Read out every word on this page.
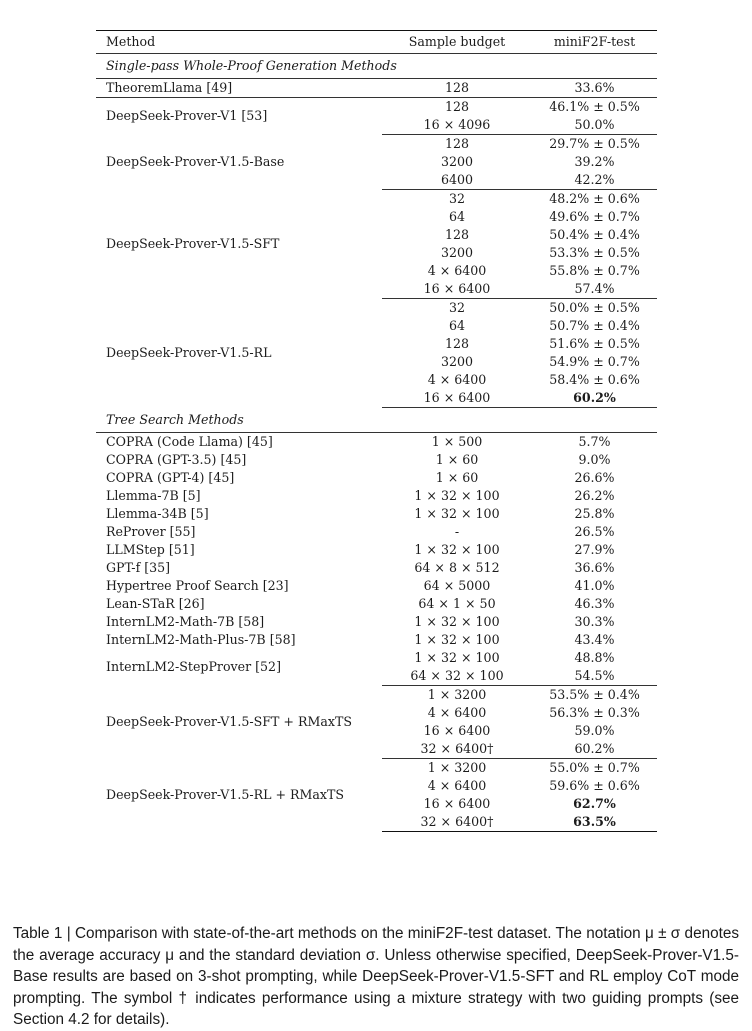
Method	Sample budget	miniF2F-test
Single-pass Whole-Proof Generation Methods		
TheoremLlama [49]	128	33.6%
DeepSeek-Prover-V1 [53]	128	46.1% ± 0.5%
	16 × 4096	50.0%
DeepSeek-Prover-V1.5-Base	128	29.7% ± 0.5%
	3200	39.2%
	6400	42.2%
DeepSeek-Prover-V1.5-SFT	32	48.2% ± 0.6%
	64	49.6% ± 0.7%
	128	50.4% ± 0.4%
	3200	53.3% ± 0.5%
	4 × 6400	55.8% ± 0.7%
	16 × 6400	57.4%
DeepSeek-Prover-V1.5-RL	32	50.0% ± 0.5%
	64	50.7% ± 0.4%
	128	51.6% ± 0.5%
	3200	54.9% ± 0.7%
	4 × 6400	58.4% ± 0.6%
	16 × 6400	60.2%
Tree Search Methods		
COPRA (Code Llama) [45]	1 × 500	5.7%
COPRA (GPT-3.5) [45]	1 × 60	9.0%
COPRA (GPT-4) [45]	1 × 60	26.6%
Llemma-7B [5]	1 × 32 × 100	26.2%
Llemma-34B [5]	1 × 32 × 100	25.8%
ReProver [55]	-	26.5%
LLMStep [51]	1 × 32 × 100	27.9%
GPT-f [35]	64 × 8 × 512	36.6%
Hypertree Proof Search [23]	64 × 5000	41.0%
Lean-STaR [26]	64 × 1 × 50	46.3%
InternLM2-Math-7B [58]	1 × 32 × 100	30.3%
InternLM2-Math-Plus-7B [58]	1 × 32 × 100	43.4%
InternLM2-StepProver [52]	1 × 32 × 100	48.8%
	64 × 32 × 100	54.5%
DeepSeek-Prover-V1.5-SFT + RMaxTS	1 × 3200	53.5% ± 0.4%
	4 × 6400	56.3% ± 0.3%
	16 × 6400	59.0%
	32 × 6400†	60.2%
DeepSeek-Prover-V1.5-RL + RMaxTS	1 × 3200	55.0% ± 0.7%
	4 × 6400	59.6% ± 0.6%
	16 × 6400	62.7%
	32 × 6400†	63.5%

Table 1 | Comparison with state-of-the-art methods on the miniF2F-test dataset. The notation μ ± σ denotes the average accuracy μ and the standard deviation σ. Unless otherwise specified, DeepSeek-Prover-V1.5-Base results are based on 3-shot prompting, while DeepSeek-Prover-V1.5-SFT and RL employ CoT mode prompting. The symbol † indicates performance using a mixture strategy with two guiding prompts (see Section 4.2 for details).
